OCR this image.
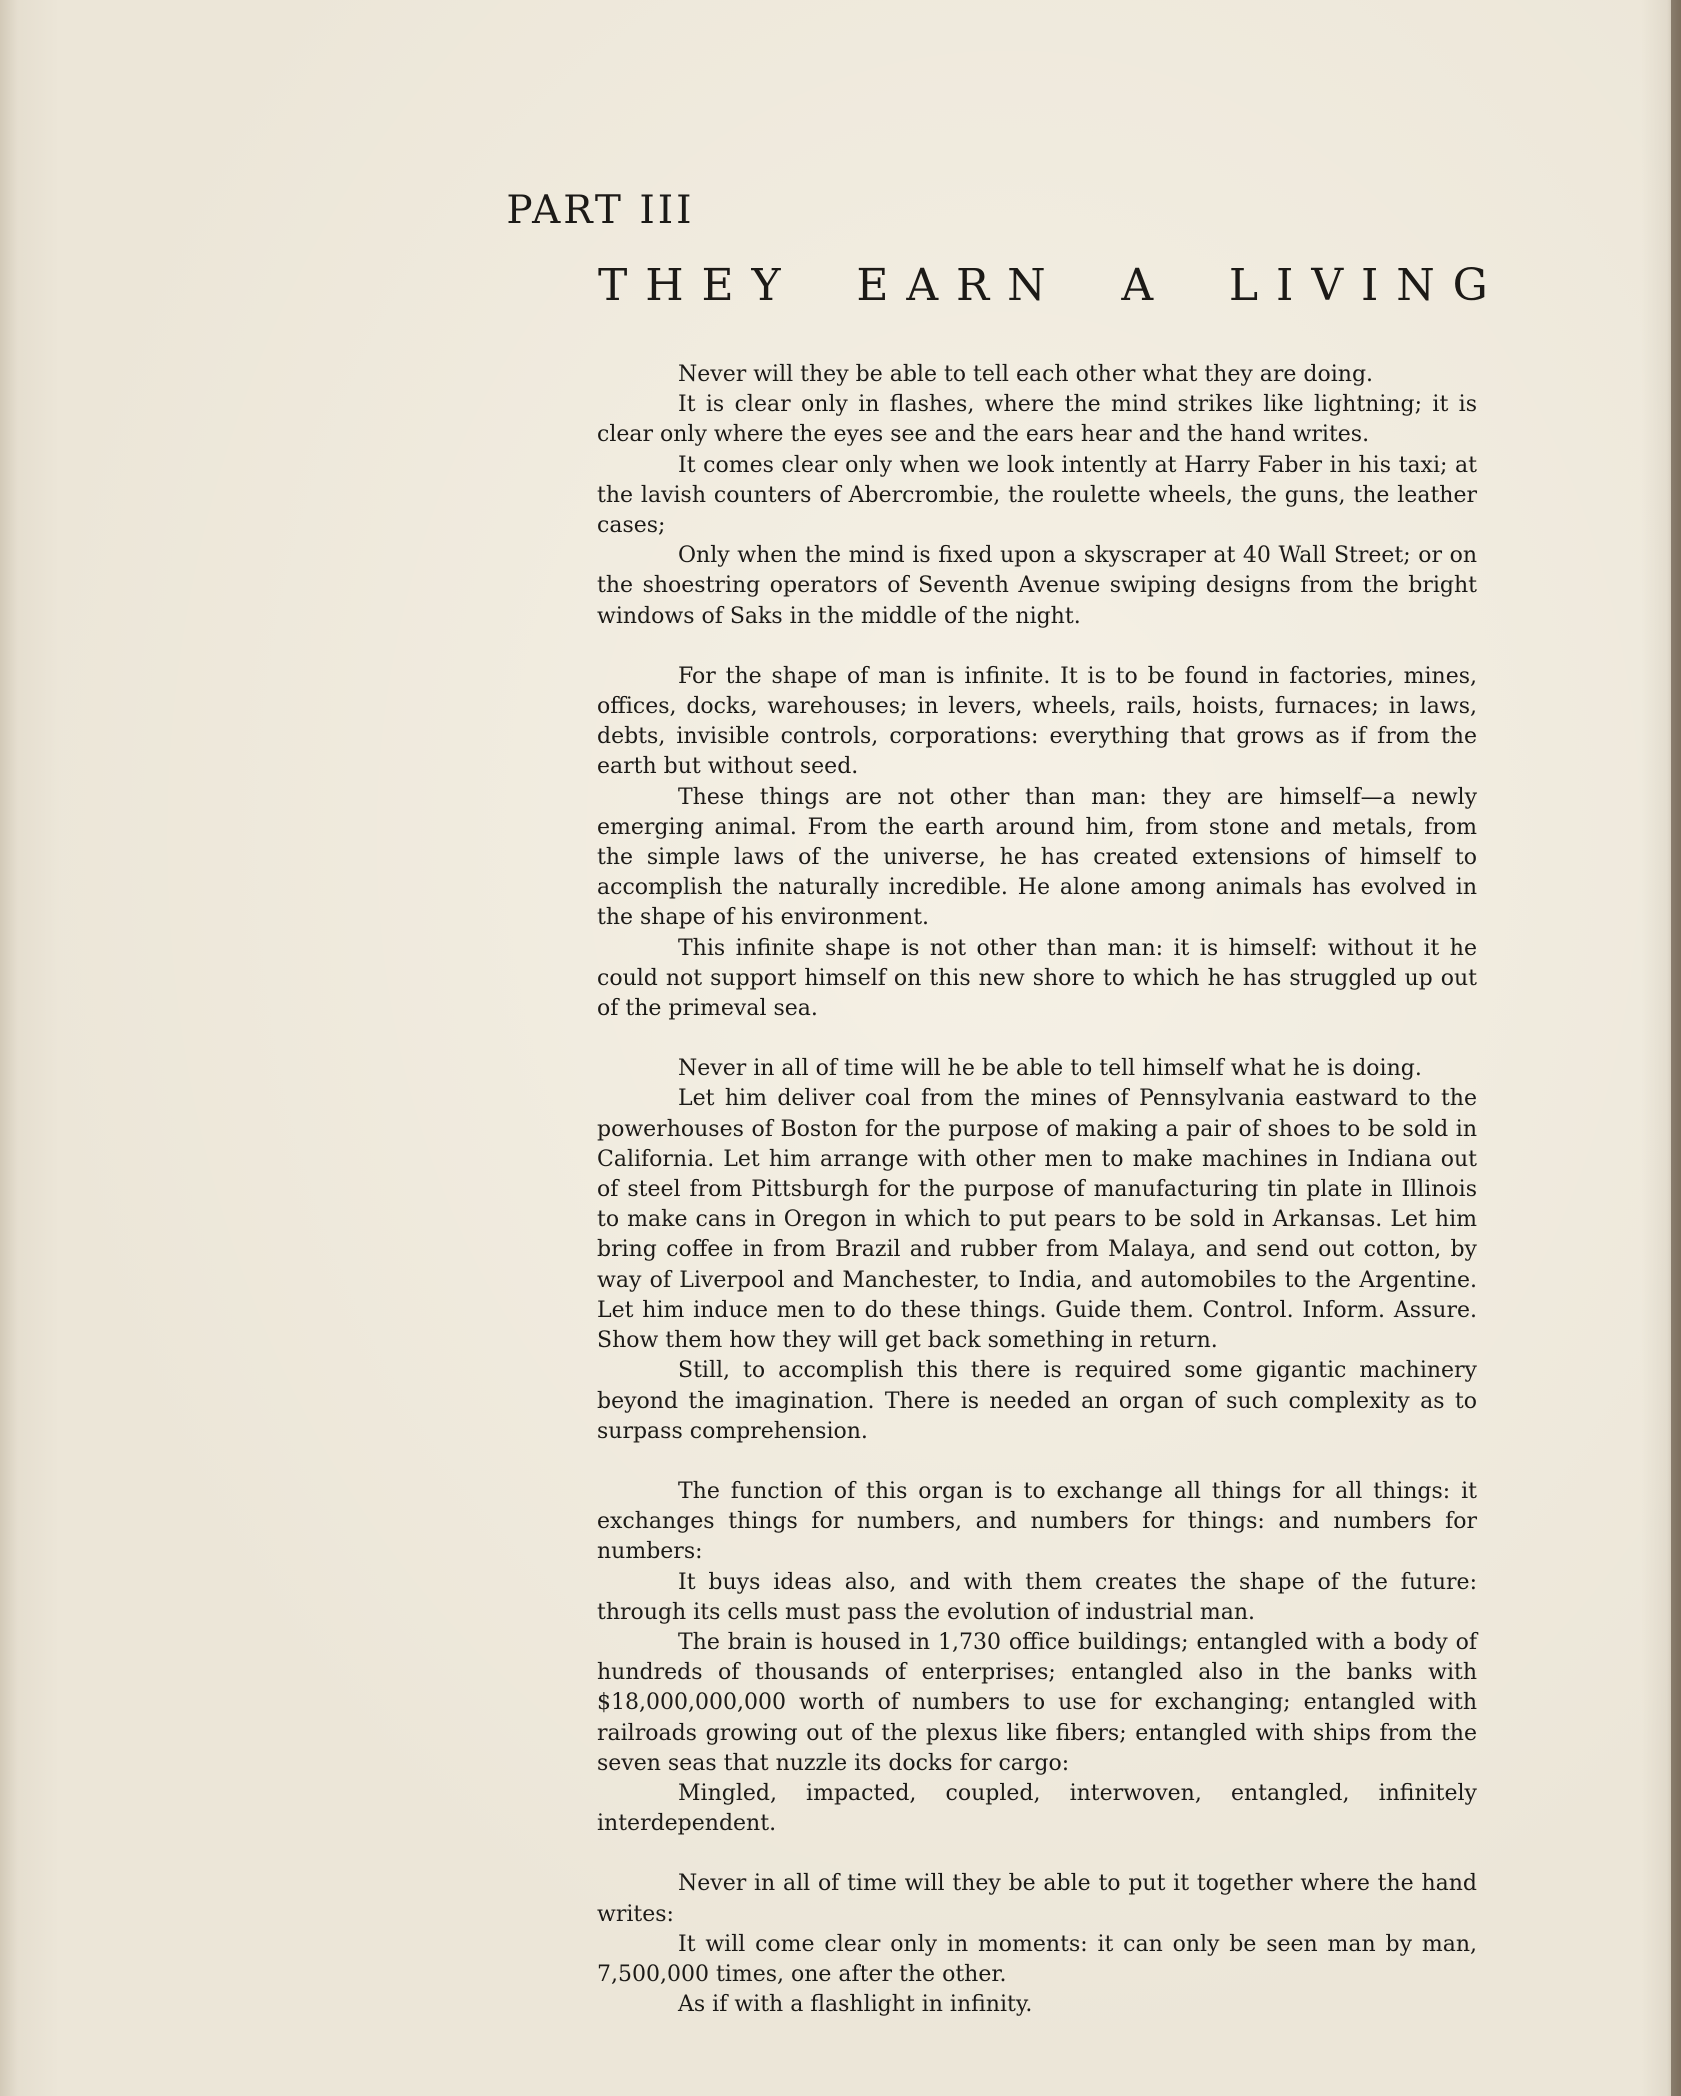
PART III
T H E Y E A R N A L I V I N G

Never will they be able to tell each other what they are doing.

It is clear only in flashes, where the mind strikes like lightning; it is clear only where the eyes see and the ears hear and the hand writes.

It comes clear only when we look intently at Harry Faber in his taxi; at the lavish counters of Abercrombie, the roulette wheels, the guns, the leather cases;

Only when the mind is fixed upon a skyscraper at 40 Wall Street; or on the shoestring operators of Seventh Avenue swiping designs from the bright windows of Saks in the middle of the night.

For the shape of man is infinite. It is to be found in factories, mines, offices, docks, warehouses; in levers, wheels, rails, hoists, furnaces; in laws, debts, invisible controls, corporations: everything that grows as if from the earth but without seed.

These things are not other than man: they are himself—a newly emerging animal. From the earth around him, from stone and metals, from the simple laws of the universe, he has created extensions of himself to accomplish the naturally incredible. He alone among animals has evolved in the shape of his environment.

This infinite shape is not other than man: it is himself: without it he could not support himself on this new shore to which he has struggled up out of the primeval sea.

Never in all of time will he be able to tell himself what he is doing.

Let him deliver coal from the mines of Pennsylvania eastward to the powerhouses of Boston for the purpose of making a pair of shoes to be sold in California. Let him arrange with other men to make machines in Indiana out of steel from Pittsburgh for the purpose of manufacturing tin plate in Illinois to make cans in Oregon in which to put pears to be sold in Arkansas. Let him bring coffee in from Brazil and rubber from Malaya, and send out cotton, by way of Liverpool and Manchester, to India, and automobiles to the Argentine. Let him induce men to do these things. Guide them. Control. Inform. Assure. Show them how they will get back something in return.

Still, to accomplish this there is required some gigantic machinery beyond the imagination. There is needed an organ of such complexity as to surpass comprehension.

The function of this organ is to exchange all things for all things: it exchanges things for numbers, and numbers for things: and numbers for numbers:

It buys ideas also, and with them creates the shape of the future: through its cells must pass the evolution of industrial man.

The brain is housed in 1,730 office buildings; entangled with a body of hundreds of thousands of enterprises; entangled also in the banks with $18,000,000,000 worth of numbers to use for exchanging; entangled with railroads growing out of the plexus like fibers; entangled with ships from the seven seas that nuzzle its docks for cargo:

Mingled, impacted, coupled, interwoven, entangled, infinitely interdependent.

Never in all of time will they be able to put it together where the hand writes:

It will come clear only in moments: it can only be seen man by man, 7,500,000 times, one after the other.

As if with a flashlight in infinity.
